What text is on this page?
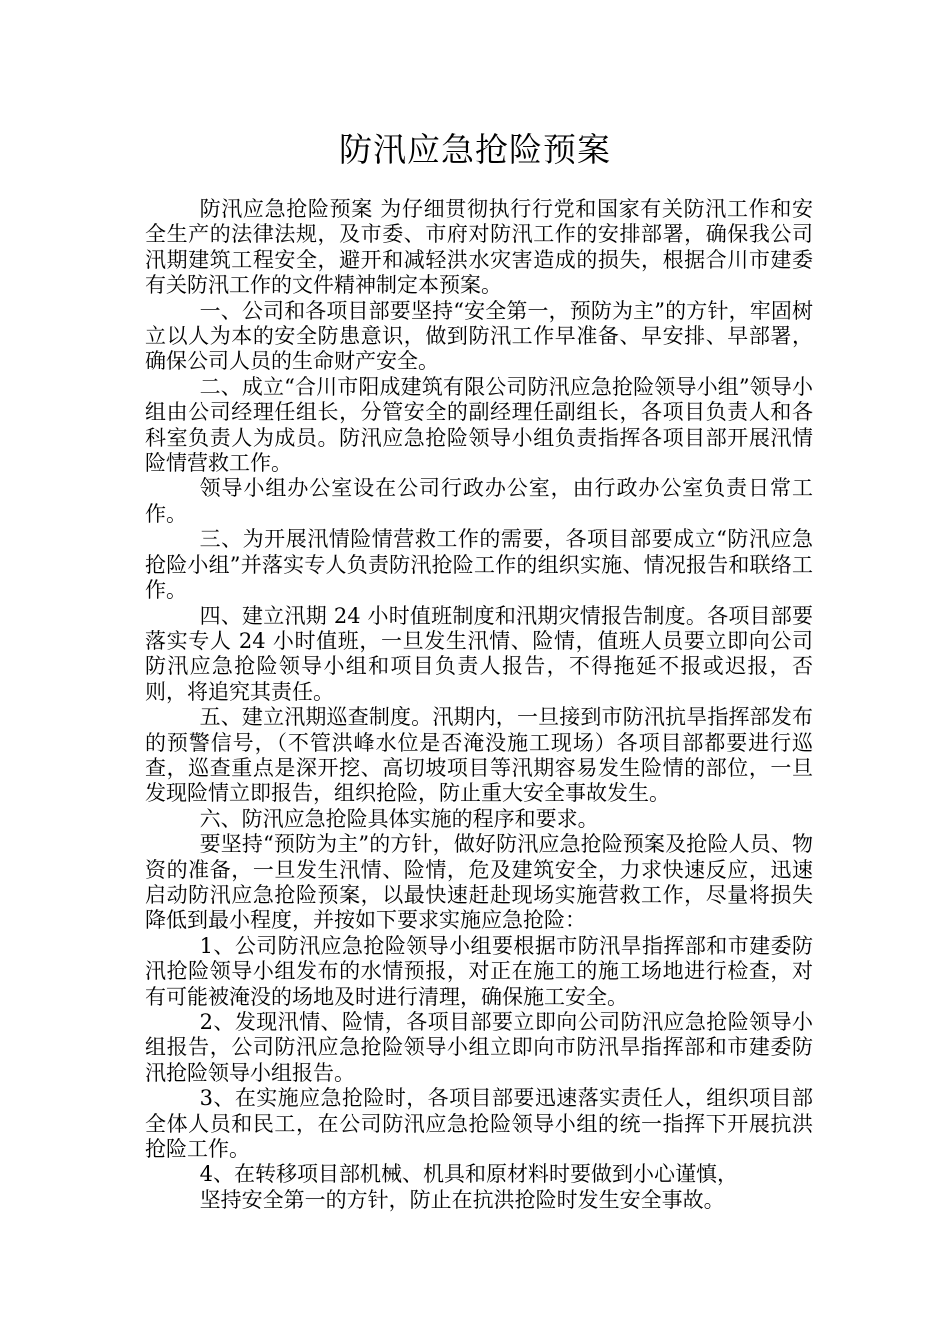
防汛应急抢险预案

防汛应急抢险预案 为仔细贯彻执行行党和国家有关防汛工作和安全生产的法律法规，及市委、市府对防汛工作的安排部署，确保我公司汛期建筑工程安全，避开和减轻洪水灾害造成的损失，根据合川市建委有关防汛工作的文件精神制定本预案。

一、公司和各项目部要坚持“安全第一，预防为主”的方针，牢固树立以人为本的安全防患意识，做到防汛工作早准备、早安排、早部署，确保公司人员的生命财产安全。

二、成立“合川市阳成建筑有限公司防汛应急抢险领导小组”领导小组由公司经理任组长，分管安全的副经理任副组长，各项目负责人和各科室负责人为成员。防汛应急抢险领导小组负责指挥各项目部开展汛情险情营救工作。

领导小组办公室设在公司行政办公室，由行政办公室负责日常工作。

三、为开展汛情险情营救工作的需要，各项目部要成立“防汛应急抢险小组”并落实专人负责防汛抢险工作的组织实施、情况报告和联络工作。

四、建立汛期 24 小时值班制度和汛期灾情报告制度。各项目部要落实专人 24 小时值班，一旦发生汛情、险情，值班人员要立即向公司防汛应急抢险领导小组和项目负责人报告，不得拖延不报或迟报，否则，将追究其责任。

五、建立汛期巡查制度。汛期内，一旦接到市防汛抗旱指挥部发布的预警信号，（不管洪峰水位是否淹没施工现场）各项目部都要进行巡查，巡查重点是深开挖、高切坡项目等汛期容易发生险情的部位，一旦发现险情立即报告，组织抢险，防止重大安全事故发生。

六、防汛应急抢险具体实施的程序和要求。

要坚持“预防为主”的方针，做好防汛应急抢险预案及抢险人员、物资的准备，一旦发生汛情、险情，危及建筑安全，力求快速反应，迅速启动防汛应急抢险预案，以最快速赶赴现场实施营救工作，尽量将损失降低到最小程度，并按如下要求实施应急抢险：

1、公司防汛应急抢险领导小组要根据市防汛旱指挥部和市建委防汛抢险领导小组发布的水情预报，对正在施工的施工场地进行检查，对有可能被淹没的场地及时进行清理，确保施工安全。

2、发现汛情、险情，各项目部要立即向公司防汛应急抢险领导小组报告，公司防汛应急抢险领导小组立即向市防汛旱指挥部和市建委防汛抢险领导小组报告。

3、在实施应急抢险时，各项目部要迅速落实责任人，组织项目部全体人员和民工，在公司防汛应急抢险领导小组的统一指挥下开展抗洪抢险工作。

4、在转移项目部机械、机具和原材料时要做到小心谨慎，

坚持安全第一的方针，防止在抗洪抢险时发生安全事故。
